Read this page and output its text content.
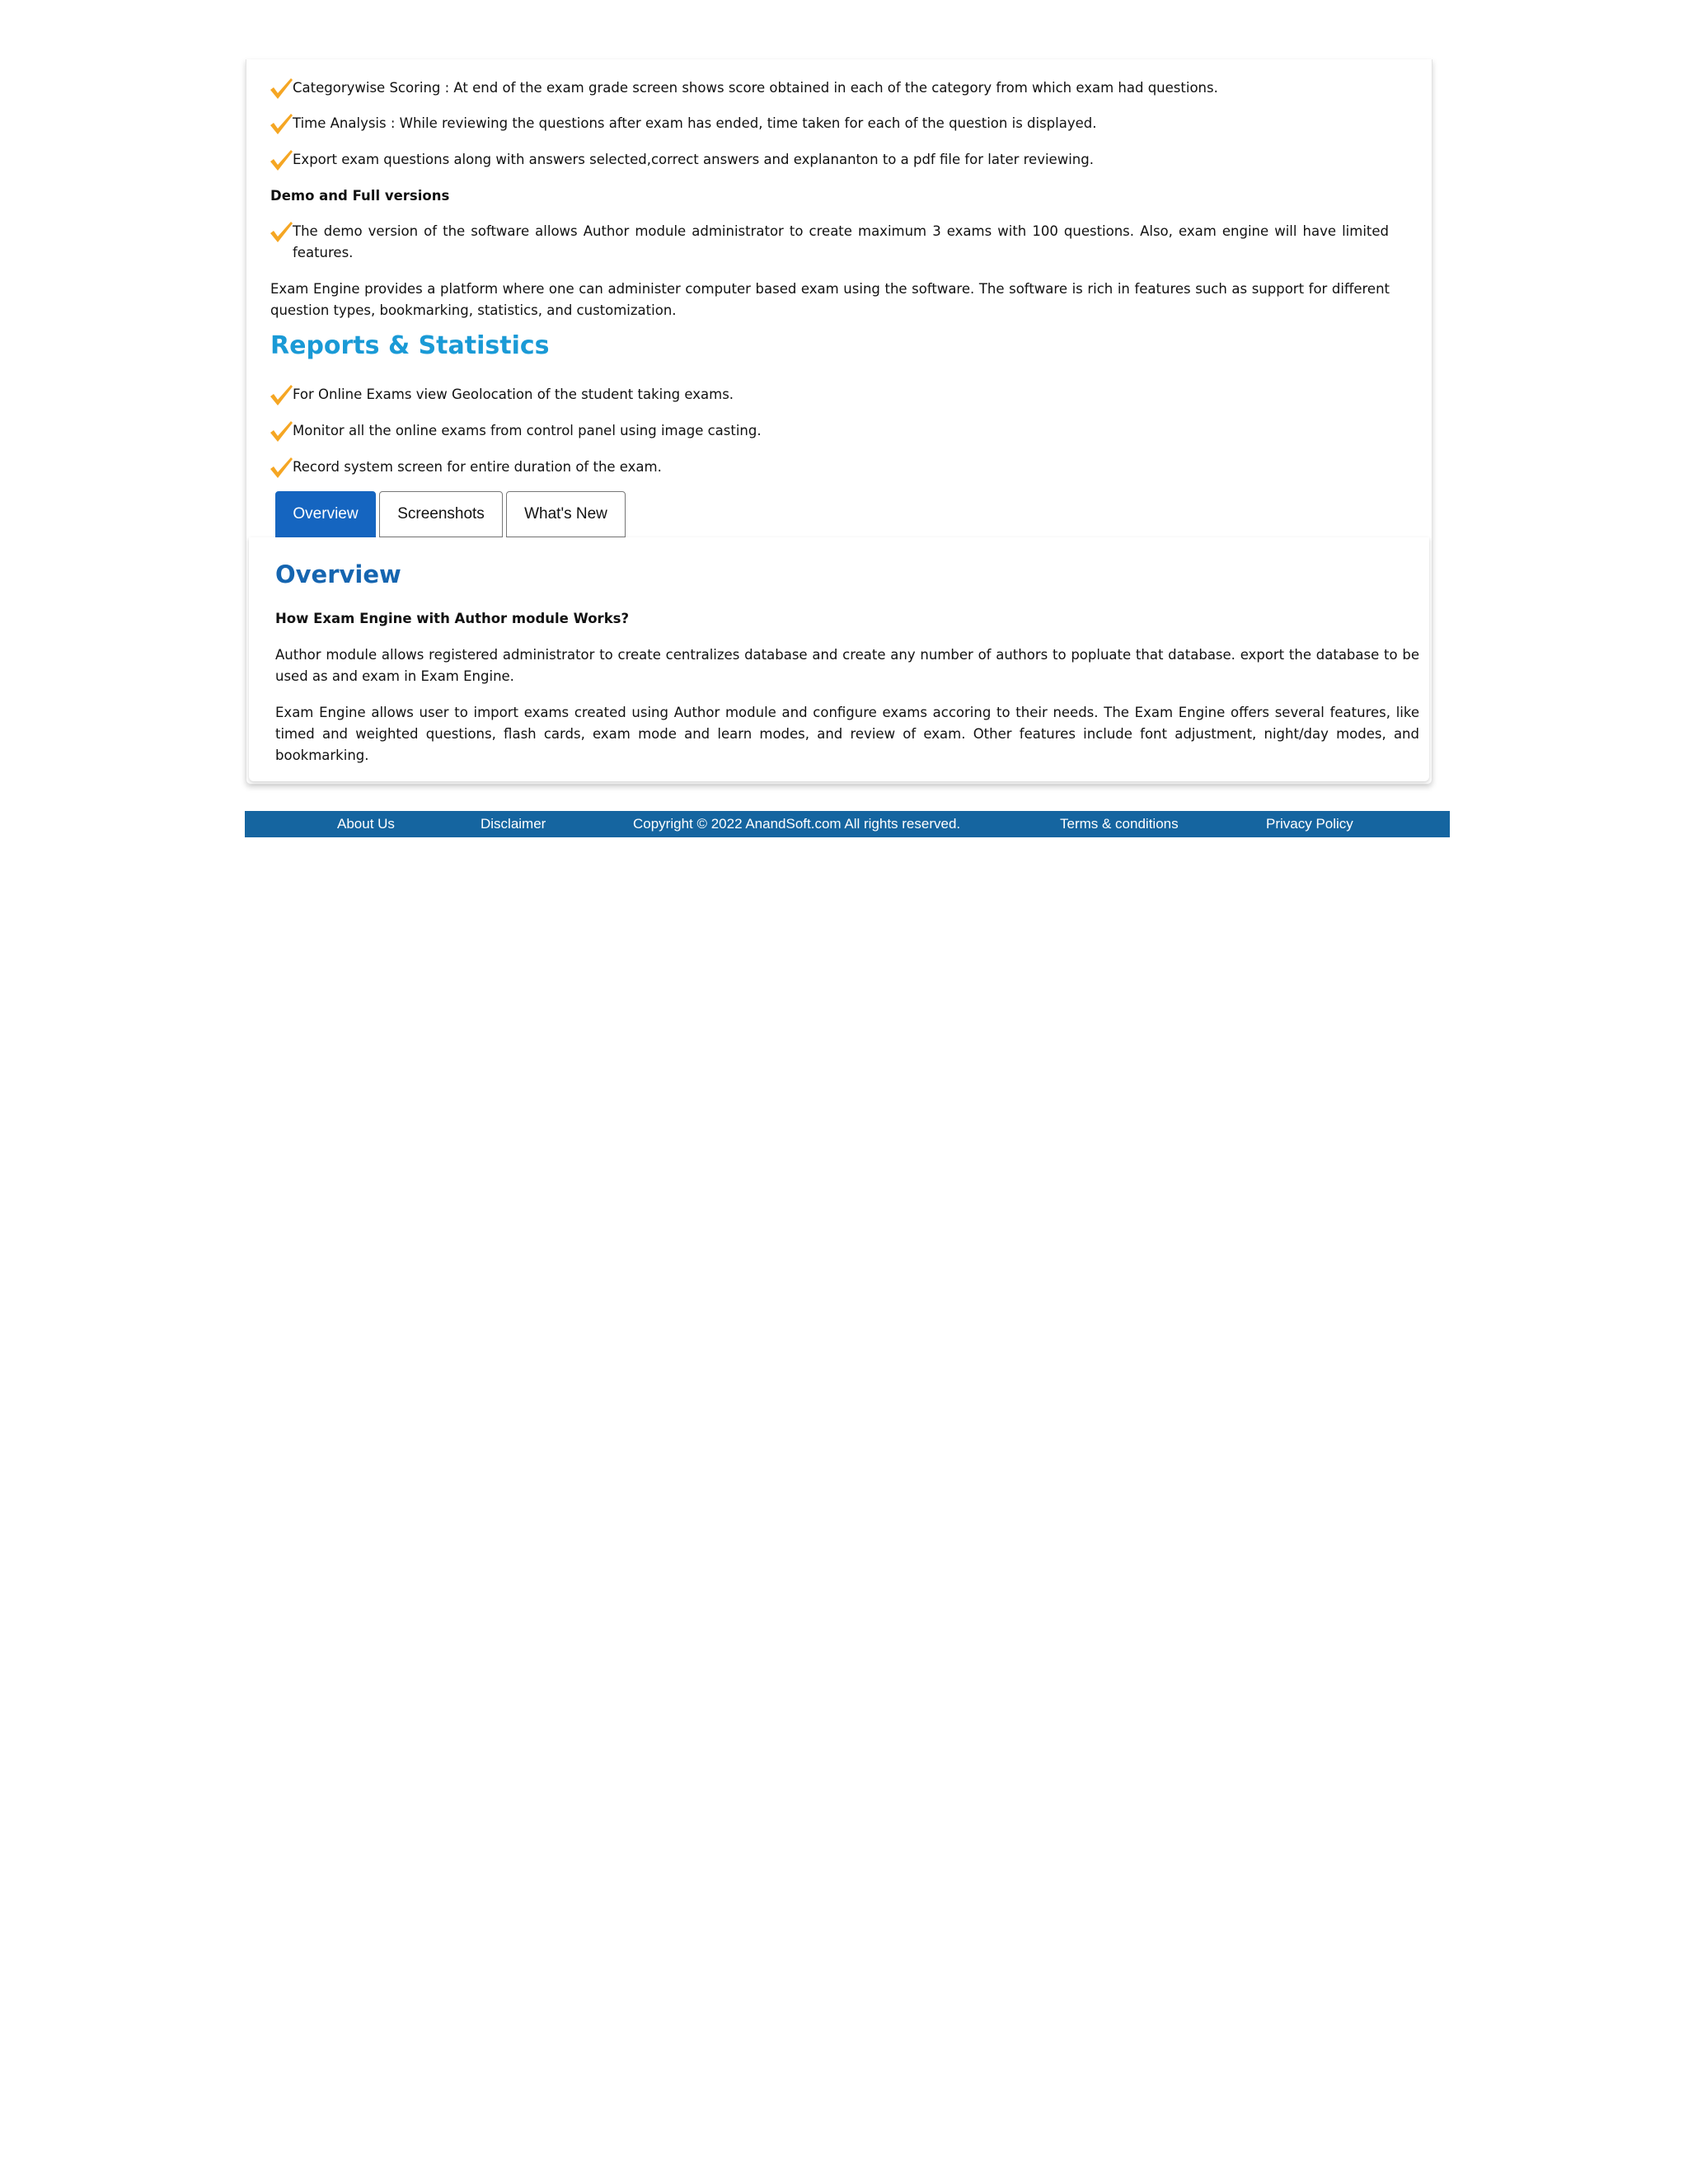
Categorywise Scoring : At end of the exam grade screen shows score obtained in each of the category from which exam had questions.
Time Analysis : While reviewing the questions after exam has ended, time taken for each of the question is displayed.
Export exam questions along with answers selected,correct answers and explananton to a pdf file for later reviewing.
Demo and Full versions
The demo version of the software allows Author module administrator to create maximum 3 exams with 100 questions. Also, exam engine will have limited features.
Exam Engine provides a platform where one can administer computer based exam using the software. The software is rich in features such as support for different question types, bookmarking, statistics, and customization.
Reports & Statistics
For Online Exams view Geolocation of the student taking exams.
Monitor all the online exams from control panel using image casting.
Record system screen for entire duration of the exam.
Overview	Screenshots	What's New
Overview
How Exam Engine with Author module Works?
Author module allows registered administrator to create centralizes database and create any number of authors to popluate that database. export the database to be used as and exam in Exam Engine.
Exam Engine allows user to import exams created using Author module and configure exams accoring to their needs. The Exam Engine offers several features, like timed and weighted questions, flash cards, exam mode and learn modes, and review of exam. Other features include font adjustment, night/day modes, and bookmarking.
About Us	Disclaimer	Copyright © 2022 AnandSoft.com All rights reserved.	Terms & conditions	Privacy Policy
